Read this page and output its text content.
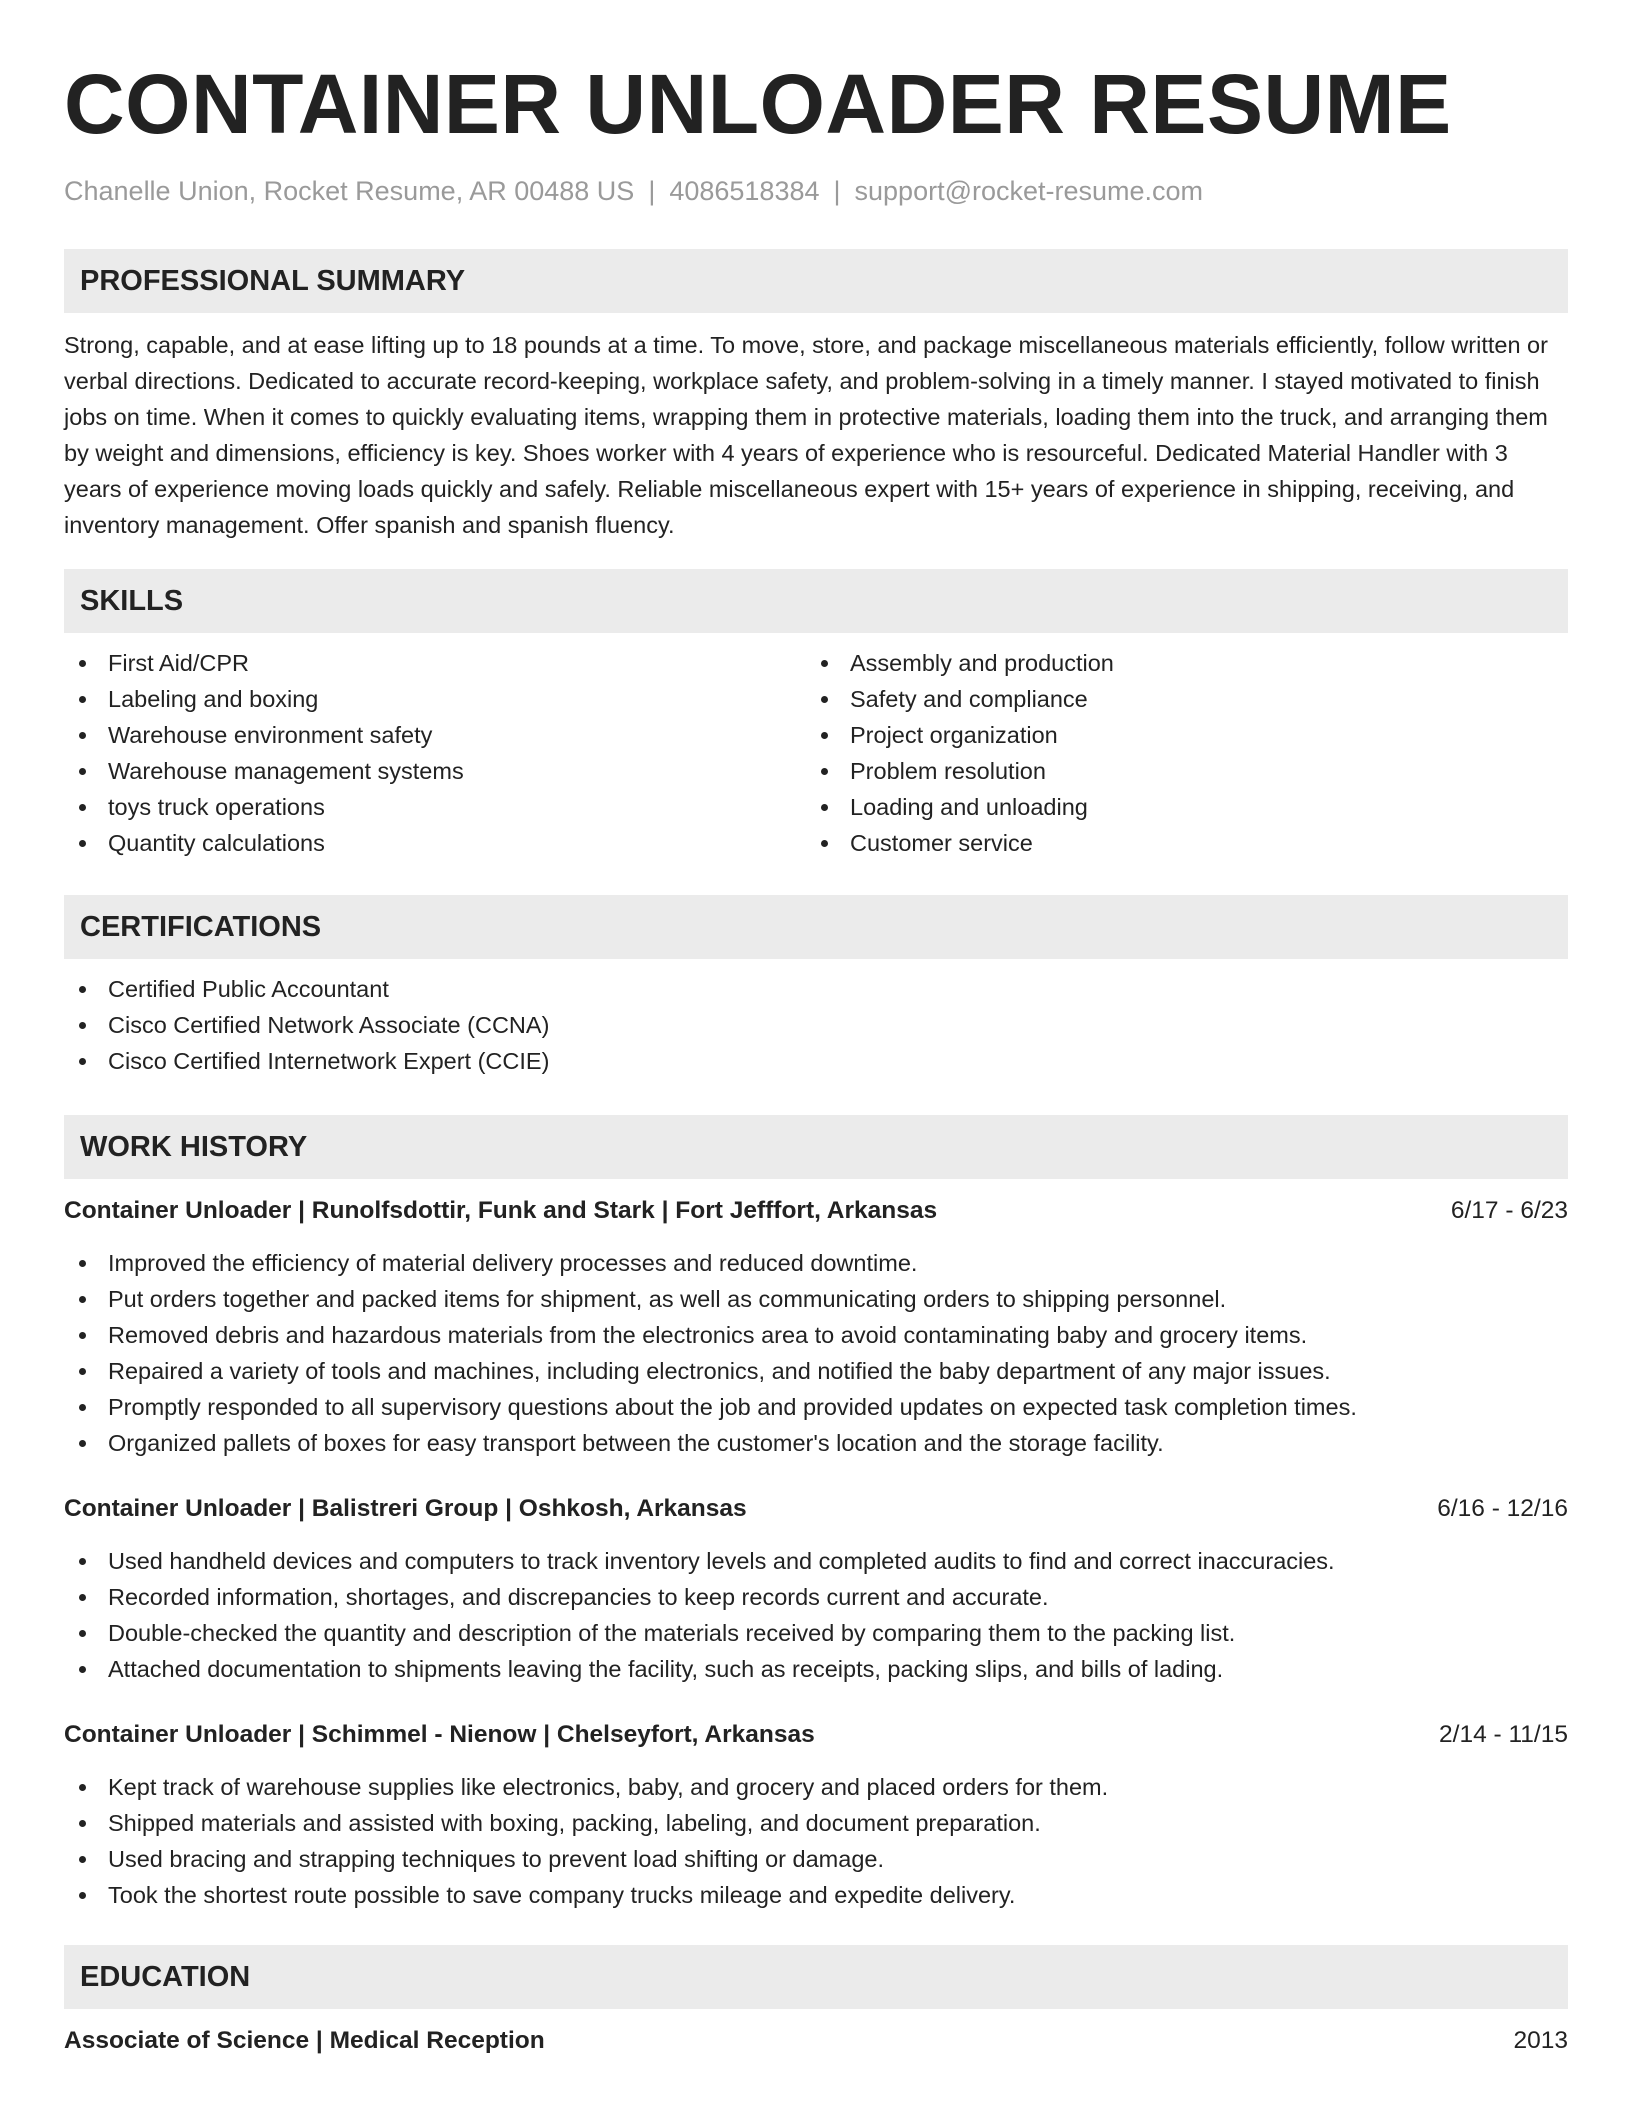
CONTAINER UNLOADER RESUME
Chanelle Union, Rocket Resume, AR 00488 US | 4086518384 | support@rocket-resume.com
PROFESSIONAL SUMMARY

Strong, capable, and at ease lifting up to 18 pounds at a time. To move, store, and package miscellaneous materials efficiently, follow written or verbal directions. Dedicated to accurate record-keeping, workplace safety, and problem-solving in a timely manner. I stayed motivated to finish jobs on time. When it comes to quickly evaluating items, wrapping them in protective materials, loading them into the truck, and arranging them by weight and dimensions, efficiency is key. Shoes worker with 4 years of experience who is resourceful. Dedicated Material Handler with 3 years of experience moving loads quickly and safely. Reliable miscellaneous expert with 15+ years of experience in shipping, receiving, and inventory management. Offer spanish and spanish fluency.

SKILLS
First Aid/CPR
Labeling and boxing
Warehouse environment safety
Warehouse management systems
toys truck operations
Quantity calculations
Assembly and production
Safety and compliance
Project organization
Problem resolution
Loading and unloading
Customer service
CERTIFICATIONS
Certified Public Accountant
Cisco Certified Network Associate (CCNA)
Cisco Certified Internetwork Expert (CCIE)
WORK HISTORY
Container Unloader | Runolfsdottir, Funk and Stark | Fort Jefffort, Arkansas	6/17 - 6/23
Improved the efficiency of material delivery processes and reduced downtime.
Put orders together and packed items for shipment, as well as communicating orders to shipping personnel.
Removed debris and hazardous materials from the electronics area to avoid contaminating baby and grocery items.
Repaired a variety of tools and machines, including electronics, and notified the baby department of any major issues.
Promptly responded to all supervisory questions about the job and provided updates on expected task completion times.
Organized pallets of boxes for easy transport between the customer's location and the storage facility.
Container Unloader | Balistreri Group | Oshkosh, Arkansas	6/16 - 12/16
Used handheld devices and computers to track inventory levels and completed audits to find and correct inaccuracies.
Recorded information, shortages, and discrepancies to keep records current and accurate.
Double-checked the quantity and description of the materials received by comparing them to the packing list.
Attached documentation to shipments leaving the facility, such as receipts, packing slips, and bills of lading.
Container Unloader | Schimmel - Nienow | Chelseyfort, Arkansas	2/14 - 11/15
Kept track of warehouse supplies like electronics, baby, and grocery and placed orders for them.
Shipped materials and assisted with boxing, packing, labeling, and document preparation.
Used bracing and strapping techniques to prevent load shifting or damage.
Took the shortest route possible to save company trucks mileage and expedite delivery.
EDUCATION
Associate of Science | Medical Reception	2013
